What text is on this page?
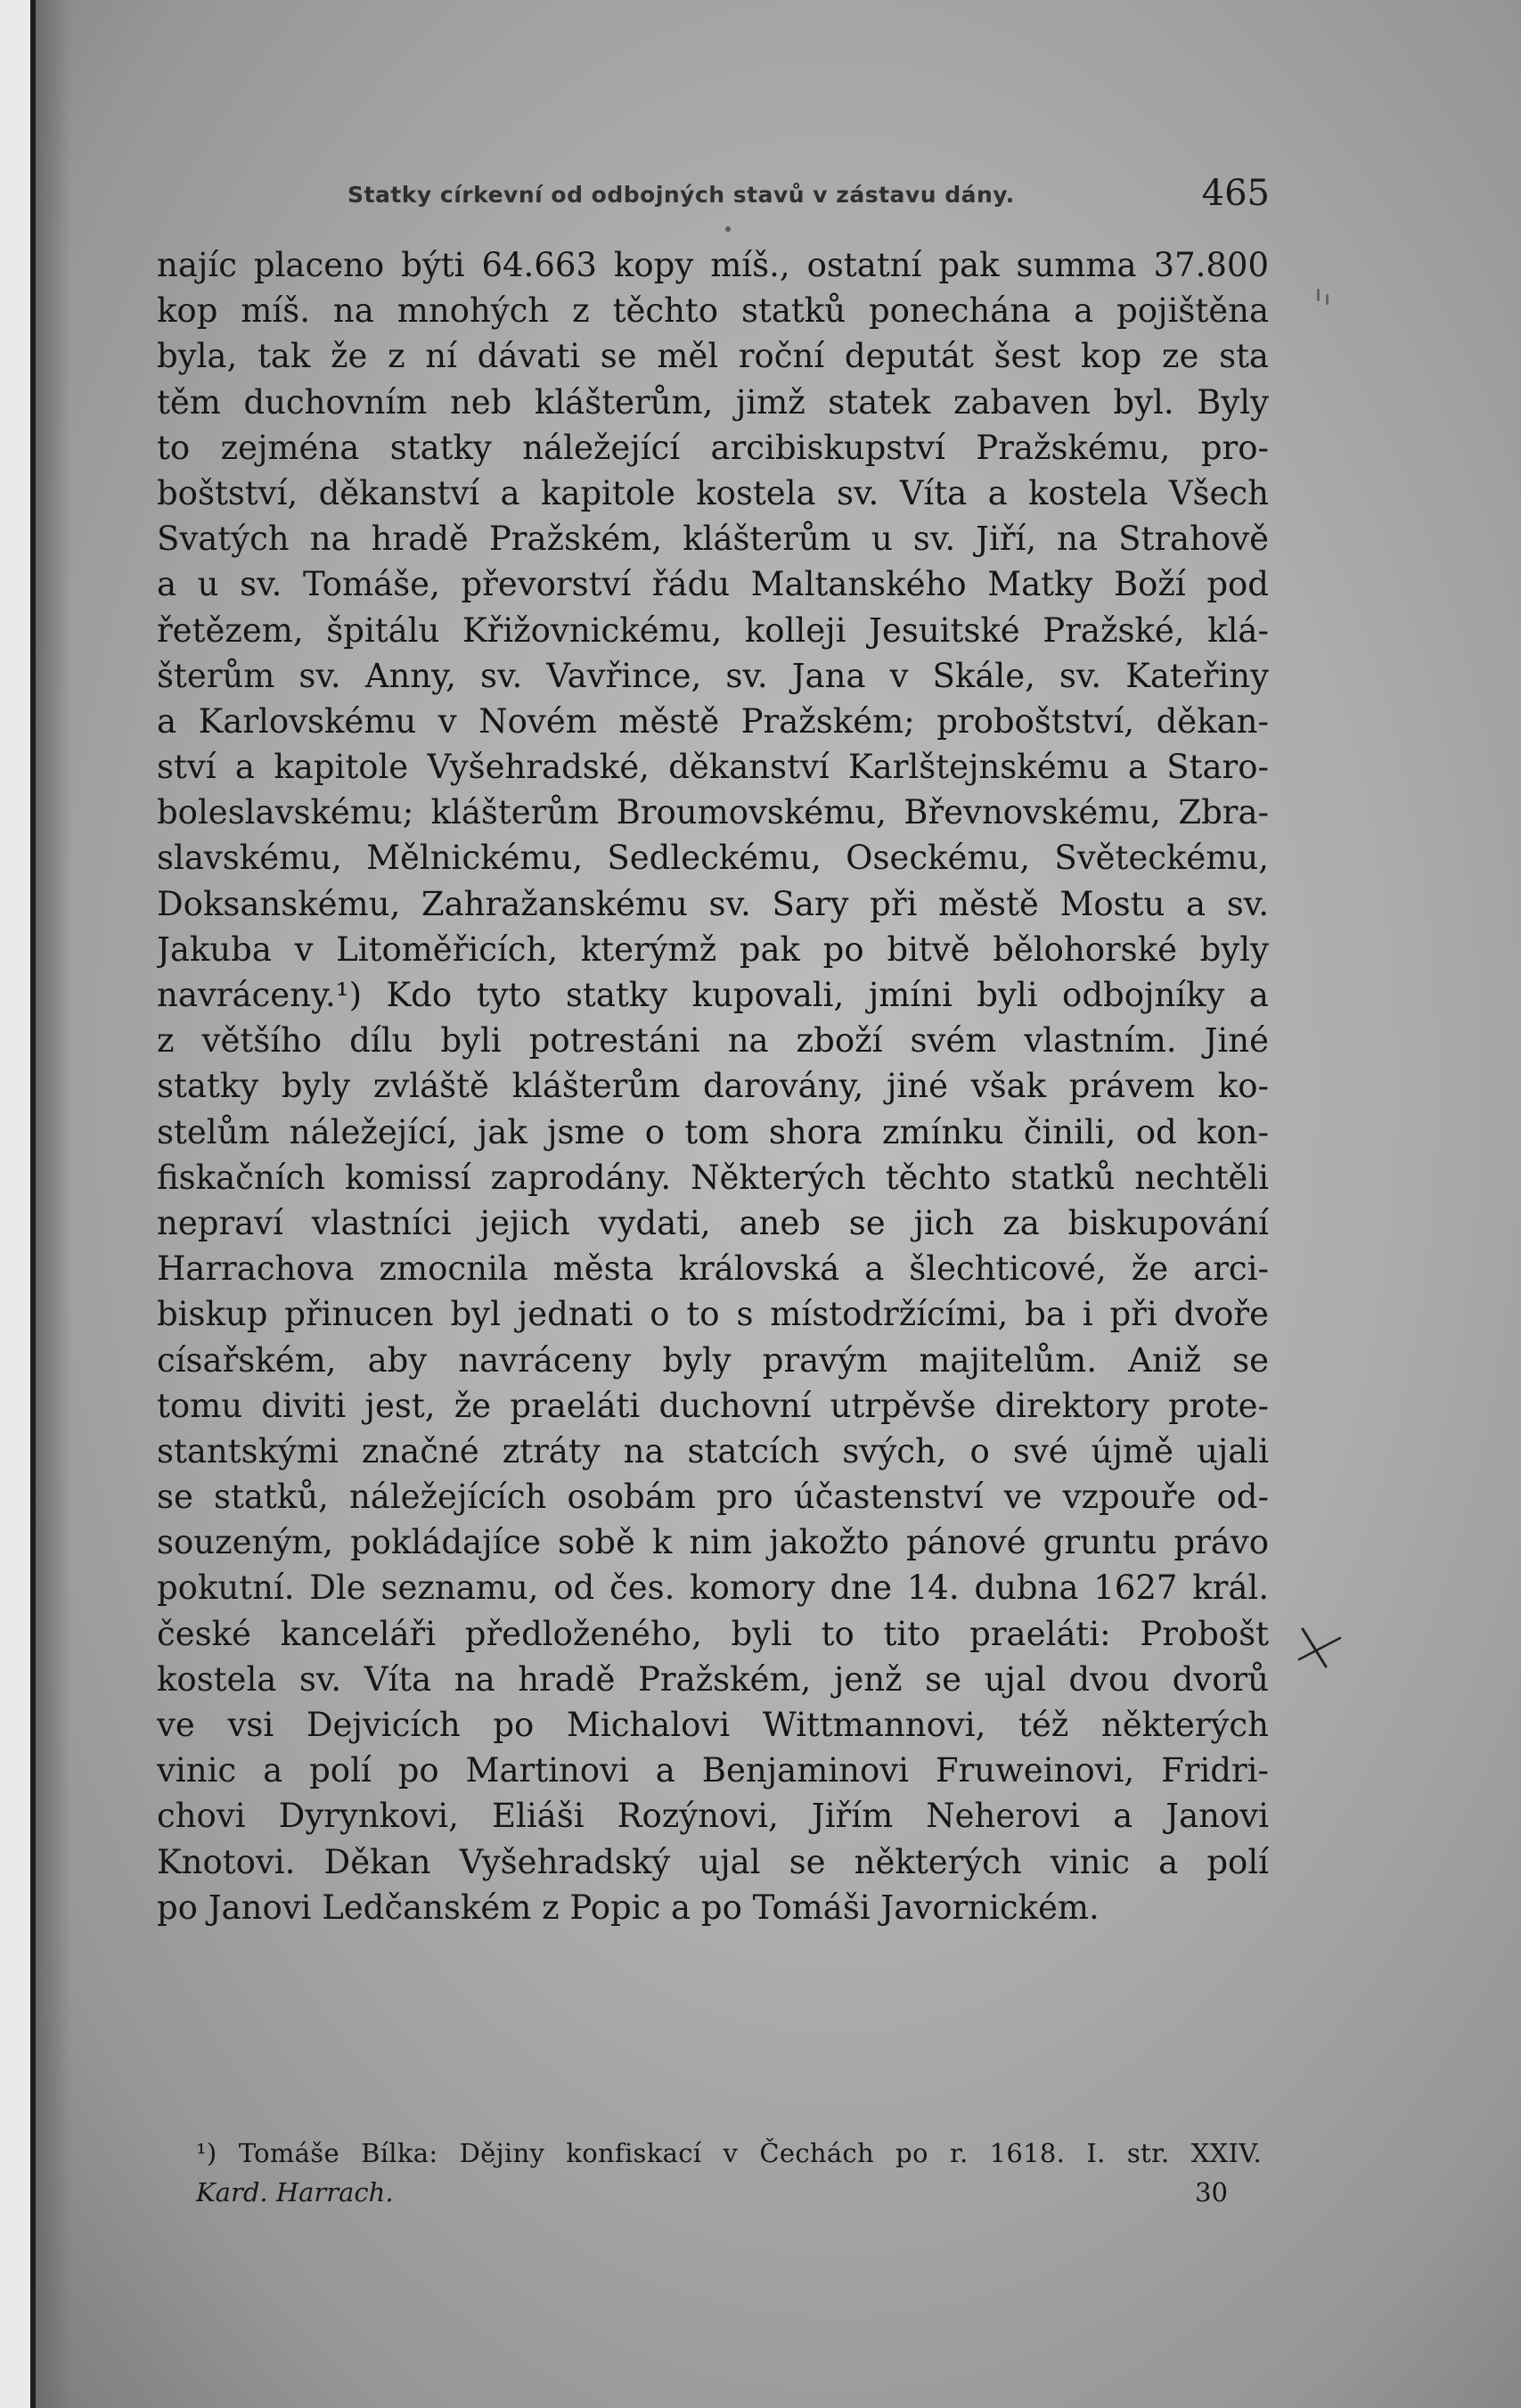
Statky církevní od odbojných stavů v zástavu dány.	465
najíc placeno býti 64.663 kopy míš., ostatní pak summa 37.800
kop míš. na mnohých z těchto statků ponechána a pojištěna
byla, tak že z ní dávati se měl roční deputát šest kop ze sta
těm duchovním neb klášterům, jimž statek zabaven byl. Byly
to zejména statky náležející arcibiskupství Pražskému, pro-
boštství, děkanství a kapitole kostela sv. Víta a kostela Všech
Svatých na hradě Pražském, klášterům u sv. Jiří, na Strahově
a u sv. Tomáše, převorství řádu Maltanského Matky Boží pod
řetězem, špitálu Křižovnickému, kolleji Jesuitské Pražské, klá-
šterům sv. Anny, sv. Vavřince, sv. Jana v Skále, sv. Kateřiny
a Karlovskému v Novém městě Pražském; proboštství, děkan-
ství a kapitole Vyšehradské, děkanství Karlštejnskému a Staro-
boleslavskému; klášterům Broumovskému, Břevnovskému, Zbra-
slavskému, Mělnickému, Sedleckému, Oseckému, Světeckému,
Doksanskému, Zahražanskému sv. Sary při městě Mostu a sv.
Jakuba v Litoměřicích, kterýmž pak po bitvě bělohorské byly
navráceny.¹) Kdo tyto statky kupovali, jmíni byli odbojníky a
z většího dílu byli potrestáni na zboží svém vlastním. Jiné
statky byly zvláště klášterům darovány, jiné však právem ko-
stelům náležející, jak jsme o tom shora zmínku činili, od kon-
fiskačních komissí zaprodány. Některých těchto statků nechtěli
nepraví vlastníci jejich vydati, aneb se jich za biskupování
Harrachova zmocnila města královská a šlechticové, že arci-
biskup přinucen byl jednati o to s místodržícími, ba i při dvoře
císařském, aby navráceny byly pravým majitelům. Aniž se
tomu diviti jest, že praeláti duchovní utrpěvše direktory prote-
stantskými značné ztráty na statcích svých, o své újmě ujali
se statků, náležejících osobám pro účastenství ve vzpouře od-
souzeným, pokládajíce sobě k nim jakožto pánové gruntu právo
pokutní. Dle seznamu, od čes. komory dne 14. dubna 1627 král.
české kanceláři předloženého, byli to tito praeláti: Probošt
kostela sv. Víta na hradě Pražském, jenž se ujal dvou dvorů
ve vsi Dejvicích po Michalovi Wittmannovi, též některých
vinic a polí po Martinovi a Benjaminovi Fruweinovi, Fridri-
chovi Dyrynkovi, Eliáši Rozýnovi, Jiřím Neherovi a Janovi
Knotovi. Děkan Vyšehradský ujal se některých vinic a polí
po Janovi Ledčanském z Popic a po Tomáši Javornickém.
¹) Tomáše Bílka: Dějiny konfiskací v Čechách po r. 1618. I. str. XXIV.
Kard. Harrach.	30
